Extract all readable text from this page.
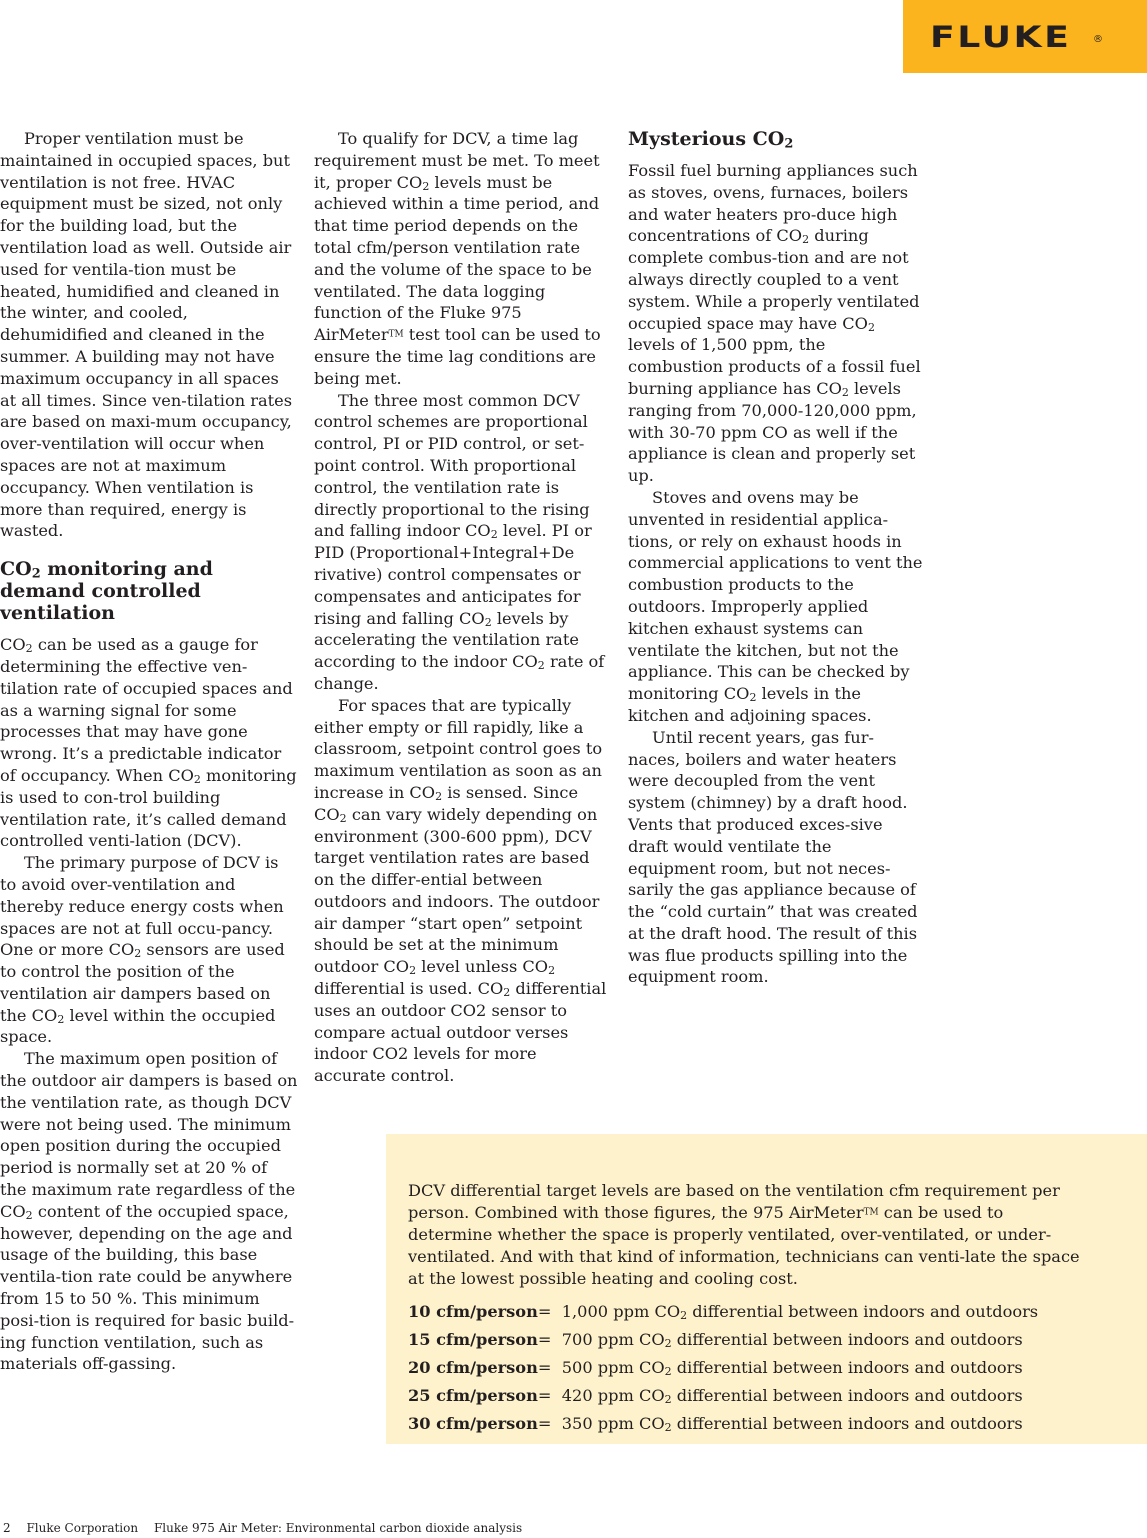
FLUKE ®

Proper ventilation must be maintained in occupied spaces, but ventilation is not free. HVAC equipment must be sized, not only for the building load, but the ventilation load as well. Outside air used for ventila-tion must be heated, humidified and cleaned in the winter, and cooled, dehumidified and cleaned in the summer. A building may not have maximum occupancy in all spaces at all times. Since ven-tilation rates are based on maxi-mum occupancy, over-ventilation will occur when spaces are not at maximum occupancy. When ventilation is more than required, energy is wasted.

$CO_2$ monitoring and demand controlled ventilation

CO2 can be used as a gauge for determining the effective ven-tilation rate of occupied spaces and as a warning signal for some processes that may have gone wrong. It’s a predictable indicator of occupancy. When CO2 monitoring is used to con-trol building ventilation rate, it’s called demand controlled venti-lation (DCV).

The primary purpose of DCV is to avoid over-ventilation and thereby reduce energy costs when spaces are not at full occu-pancy. One or more CO2 sensors are used to control the position of the ventilation air dampers based on the CO2 level within the occupied space.

The maximum open position of the outdoor air dampers is based on the ventilation rate, as though DCV were not being used. The minimum open position during the occupied period is normally set at 20 % of the maximum rate regardless of the CO2 content of the occupied space, however, depending on the age and usage of the building, this base ventila-tion rate could be anywhere from 15 to 50 %. This minimum posi-tion is required for basic build-ing function ventilation, such as materials off-gassing.

To qualify for DCV, a time lag requirement must be met. To meet it, proper CO2 levels must be achieved within a time period, and that time period depends on the total cfm/person ventilation rate and the volume of the space to be ventilated. The data logging function of the Fluke 975 AirMeter™ test tool can be used to ensure the time lag conditions are being met.

The three most common DCV control schemes are proportional control, PI or PID control, or set-point control. With proportional control, the ventilation rate is directly proportional to the rising and falling indoor CO2 level. PI or PID (Proportional+Integral+De rivative) control compensates or compensates and anticipates for rising and falling CO2 levels by accelerating the ventilation rate according to the indoor CO2 rate of change.

For spaces that are typically either empty or fill rapidly, like a classroom, setpoint control goes to maximum ventilation as soon as an increase in CO2 is sensed. Since CO2 can vary widely depending on environment (300-600 ppm), DCV target ventilation rates are based on the differ-ential between outdoors and indoors. The outdoor air damper “start open” setpoint should be set at the minimum outdoor CO2 level unless CO2 differential is used. CO2 differential uses an outdoor CO2 sensor to compare actual outdoor verses indoor CO2 levels for more accurate control.

Mysterious $CO_2$

Fossil fuel burning appliances such as stoves, ovens, furnaces, boilers and water heaters pro-duce high concentrations of CO2 during complete combus-tion and are not always directly coupled to a vent system. While a properly ventilated occupied space may have CO2 levels of 1,500 ppm, the combustion products of a fossil fuel burning appliance has CO2 levels ranging from 70,000-120,000 ppm, with 30-70 ppm CO as well if the appliance is clean and properly set up.

Stoves and ovens may be unvented in residential applica-tions, or rely on exhaust hoods in commercial applications to vent the combustion products to the outdoors. Improperly applied kitchen exhaust systems can ventilate the kitchen, but not the appliance. This can be checked by monitoring CO2 levels in the kitchen and adjoining spaces.

Until recent years, gas fur-naces, boilers and water heaters were decoupled from the vent system (chimney) by a draft hood. Vents that produced exces-sive draft would ventilate the equipment room, but not neces-sarily the gas appliance because of the “cold curtain” that was created at the draft hood. The result of this was flue products spilling into the equipment room.

DCV differential target levels are based on the ventilation cfm requirement per person. Combined with those figures, the 975 AirMeter™ can be used to determine whether the space is properly ventilated, over-ventilated, or under-ventilated. And with that kind of information, technicians can venti-late the space at the lowest possible heating and cooling cost.

10 cfm/person= 1,000 ppm CO2 differential between indoors and outdoors
15 cfm/person= 700 ppm CO2 differential between indoors and outdoors
20 cfm/person= 500 ppm CO2 differential between indoors and outdoors
25 cfm/person= 420 ppm CO2 differential between indoors and outdoors
30 cfm/person= 350 ppm CO2 differential between indoors and outdoors
2 Fluke Corporation Fluke 975 Air Meter: Environmental carbon dioxide analysis
